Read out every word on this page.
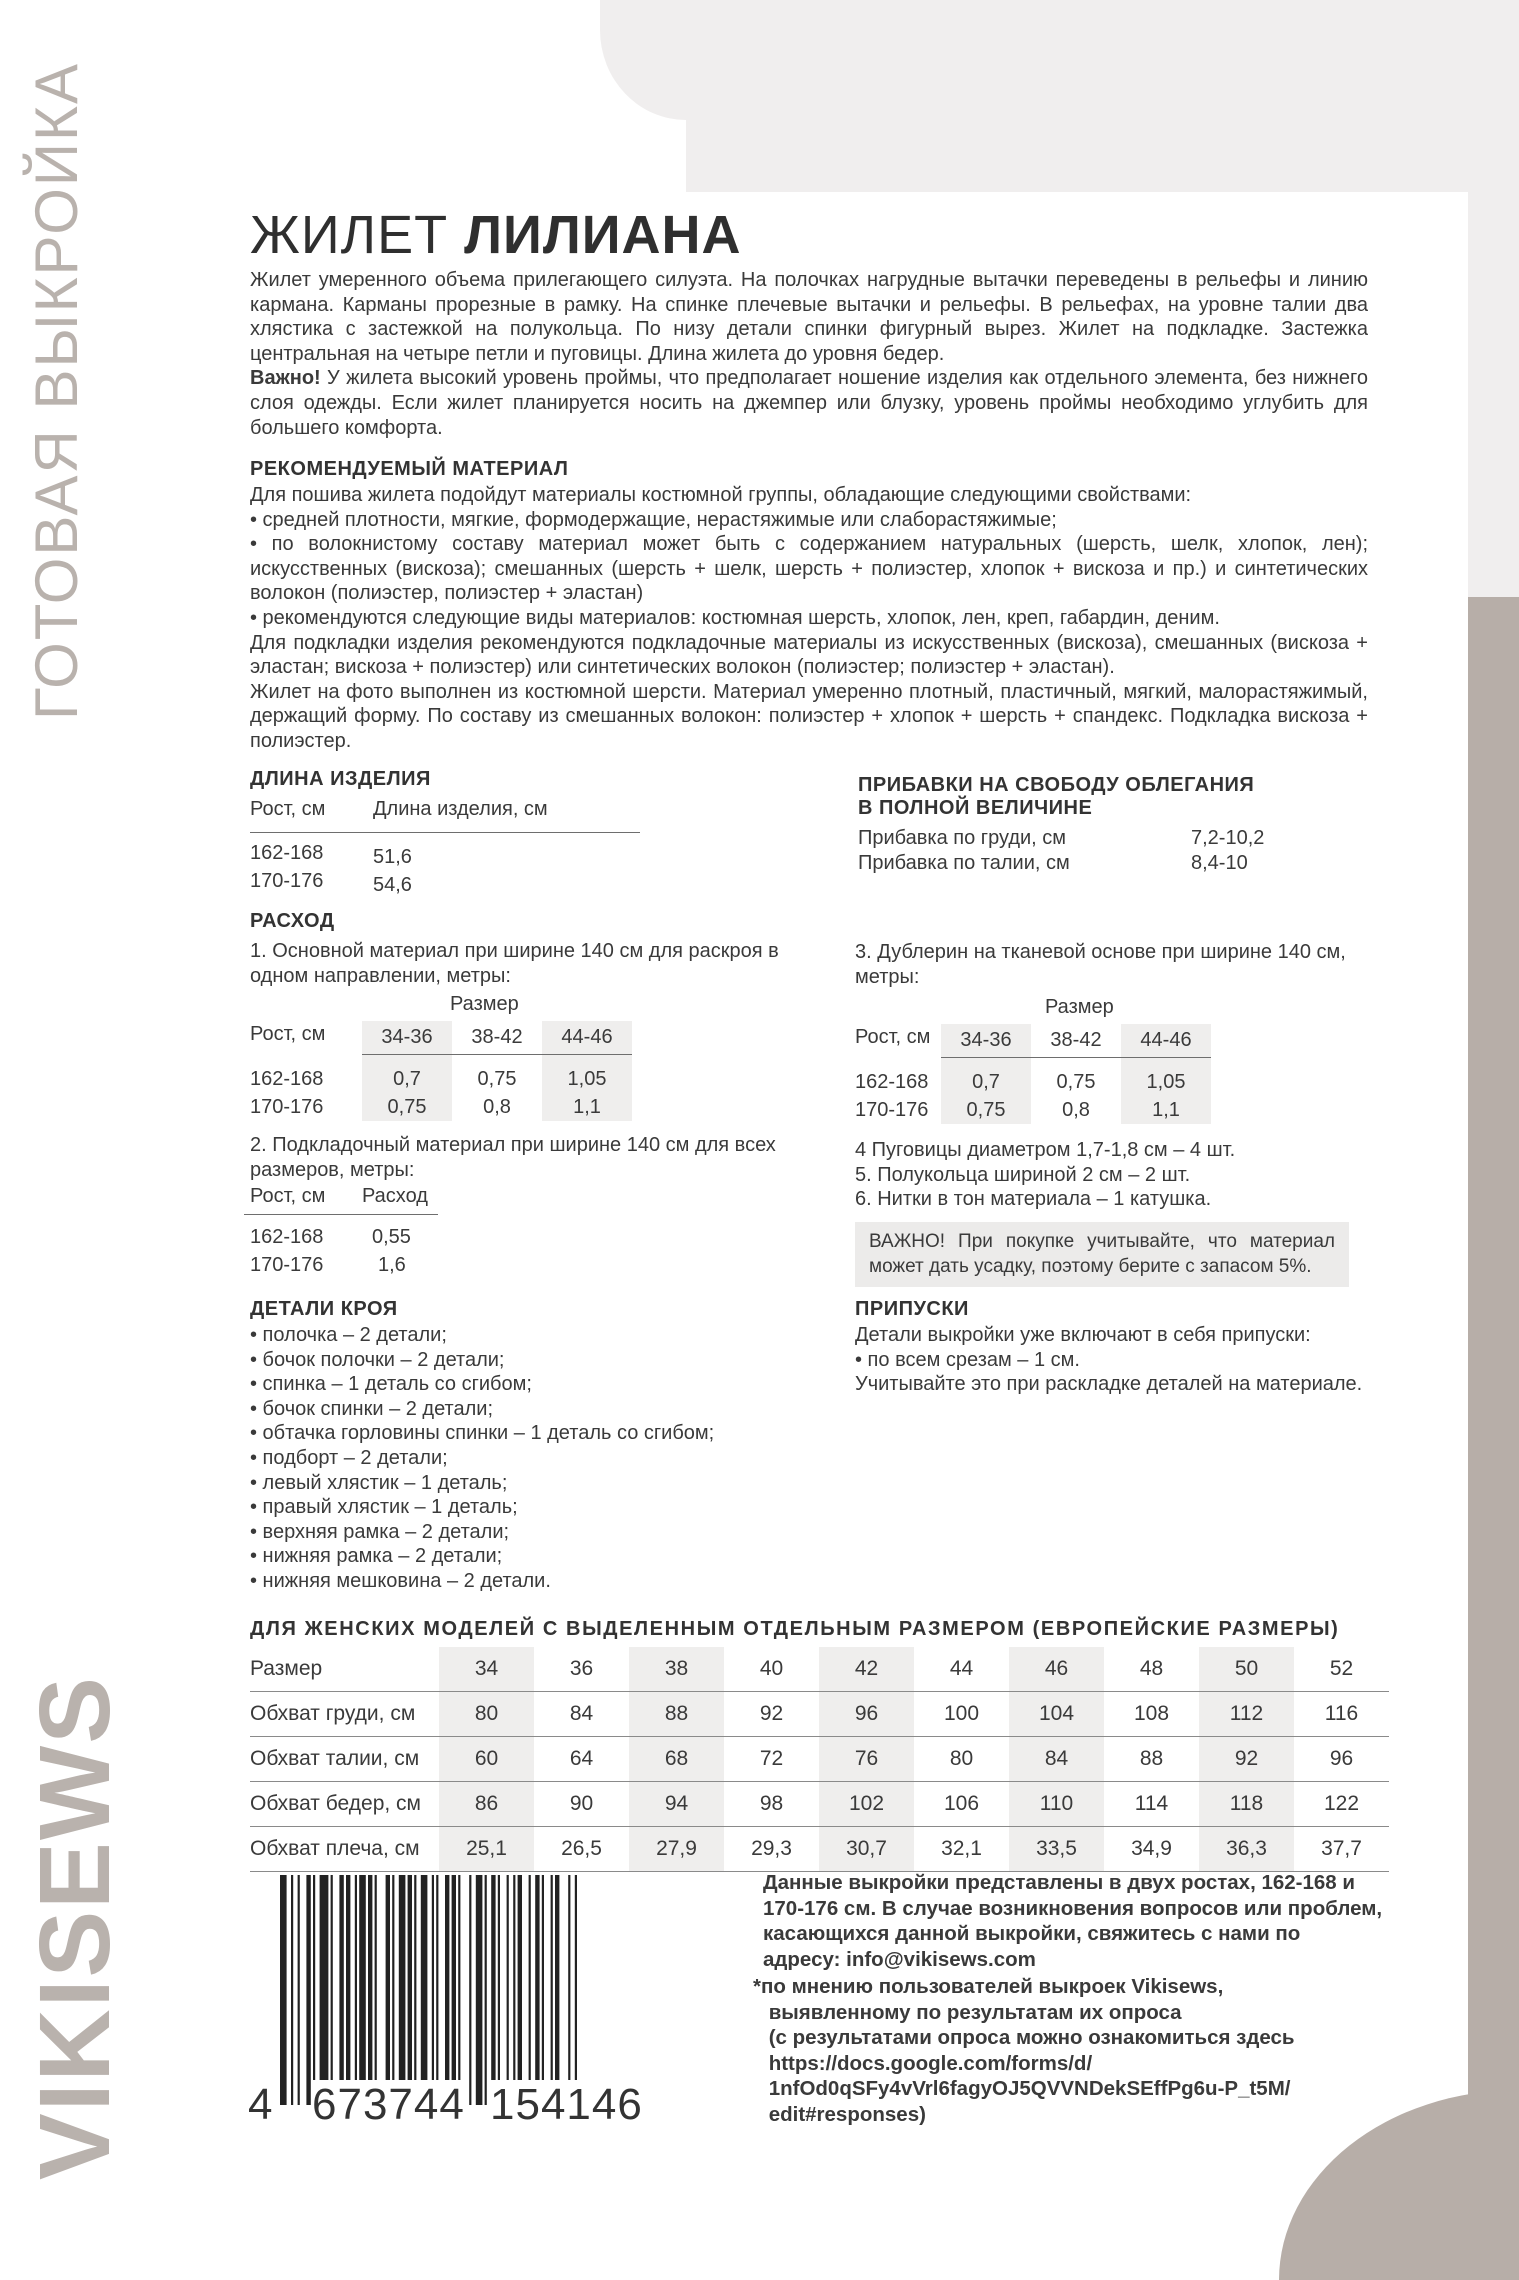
ГОТОВАЯ ВЫКРОЙКА
VIKISEWS
ЖИЛЕТ ЛИЛИАНА

Жилет умеренного объема прилегающего силуэта. На полочках нагрудные вытачки переведены в рельефы и линию кармана. Карманы прорезные в рамку. На спинке плечевые вытачки и рельефы. В рельефах, на уровне талии два хлястика с застежкой на полукольца. По низу детали спинки фигурный вырез. Жилет на подкладке. Застежка центральная на четыре петли и пуговицы. Длина жилета до уровня бедер.

Важно! У жилета высокий уровень проймы, что предполагает ношение изделия как отдельного элемента, без нижнего слоя одежды. Если жилет планируется носить на джемпер или блузку, уровень проймы необходимо углубить для большего комфорта.

РЕКОМЕНДУЕМЫЙ МАТЕРИАЛ

Для пошива жилета подойдут материалы костюмной группы, обладающие следующими свойствами:

• средней плотности, мягкие, формодержащие, нерастяжимые или слаборастяжимые;

• по волокнистому составу материал может быть с содержанием натуральных (шерсть, шелк, хлопок, лен); искусственных (вискоза); смешанных (шерсть + шелк, шерсть + полиэстер, хлопок + вискоза и пр.) и синтетических волокон (полиэстер, полиэстер + эластан)

• рекомендуются следующие виды материалов: костюмная шерсть, хлопок, лен, креп, габардин, деним.

Для подкладки изделия рекомендуются подкладочные материалы из искусственных (вискоза), смешанных (вискоза + эластан; вискоза + полиэстер) или синтетических волокон (полиэстер; полиэстер + эластан).

Жилет на фото выполнен из костюмной шерсти. Материал умеренно плотный, пластичный, мягкий, малорастяжимый, держащий форму. По составу из смешанных волокон: полиэстер + хлопок + шерсть + спандекс. Подкладка вискоза + полиэстер.

ДЛИНА ИЗДЕЛИЯ

Рост, см	Длина изделия, см
162-168	51,6
170-176	54,6

ПРИБАВКИ НА СВОБОДУ ОБЛЕГАНИЯ

В ПОЛНОЙ ВЕЛИЧИНЕ

Прибавка по груди, см	7,2-10,2
Прибавка по талии, см	8,4-10

РАСХОД

1. Основной материал при ширине 140 см для раскроя в одном направлении, метры:

Размер
Рост, см	34-36	38-42	44-46
162-168	0,7	0,75	1,05
170-176	0,75	0,8	1,1

2. Подкладочный материал при ширине 140 см для всех размеров, метры:

Рост, см	Расход
162-168	0,55
170-176	1,6

3. Дублерин на тканевой основе при ширине 140 см, метры:

Размер
Рост, см	34-36	38-42	44-46
162-168	0,7	0,75	1,05
170-176	0,75	0,8	1,1
4 Пуговицы диаметром 1,7-1,8 см – 4 шт.
5. Полукольца шириной 2 см – 2 шт.
6. Нитки в тон материала – 1 катушка.
ВАЖНО! При покупке учитывайте, что материал может дать усадку, поэтому берите с запасом 5%.

ДЕТАЛИ КРОЯ

• полочка – 2 детали;
• бочок полочки – 2 детали;
• спинка – 1 деталь со сгибом;
• бочок спинки – 2 детали;
• обтачка горловины спинки – 1 деталь со сгибом;
• подборт – 2 детали;
• левый хлястик – 1 деталь;
• правый хлястик – 1 деталь;
• верхняя рамка – 2 детали;
• нижняя рамка – 2 детали;
• нижняя мешковина – 2 детали.

ПРИПУСКИ

Детали выкройки уже включают в себя припуски:
• по всем срезам – 1 см.
Учитывайте это при раскладке деталей на материале.

ДЛЯ ЖЕНСКИХ МОДЕЛЕЙ С ВЫДЕЛЕННЫМ ОТДЕЛЬНЫМ РАЗМЕРОМ (ЕВРОПЕЙСКИЕ РАЗМЕРЫ)

Размер	34	36	38	40	42	44	46	48	50	52
Обхват груди, см	80	84	88	92	96	100	104	108	112	116
Обхват талии, см	60	64	68	72	76	80	84	88	92	96
Обхват бедер, см	86	90	94	98	102	106	110	114	118	122
Обхват плеча, см	25,1	26,5	27,9	29,3	30,7	32,1	33,5	34,9	36,3	37,7
4 673744 154146
Данные выкройки представлены в двух ростах, 162-168 и 170-176 см. В случае возникновения вопросов или проблем, касающихся данной выкройки, свяжитесь с нами по адресу: info@vikisews.com
*по мнению пользователей выкроек Vikisews,
выявленному по результатам их опроса
(с результатами опроса можно ознакомиться здесь
https://docs.google.com/forms/d/
1nfOd0qSFy4vVrl6fagyOJ5QVVNDekSEffPg6u-P_t5M/
edit#responses)
